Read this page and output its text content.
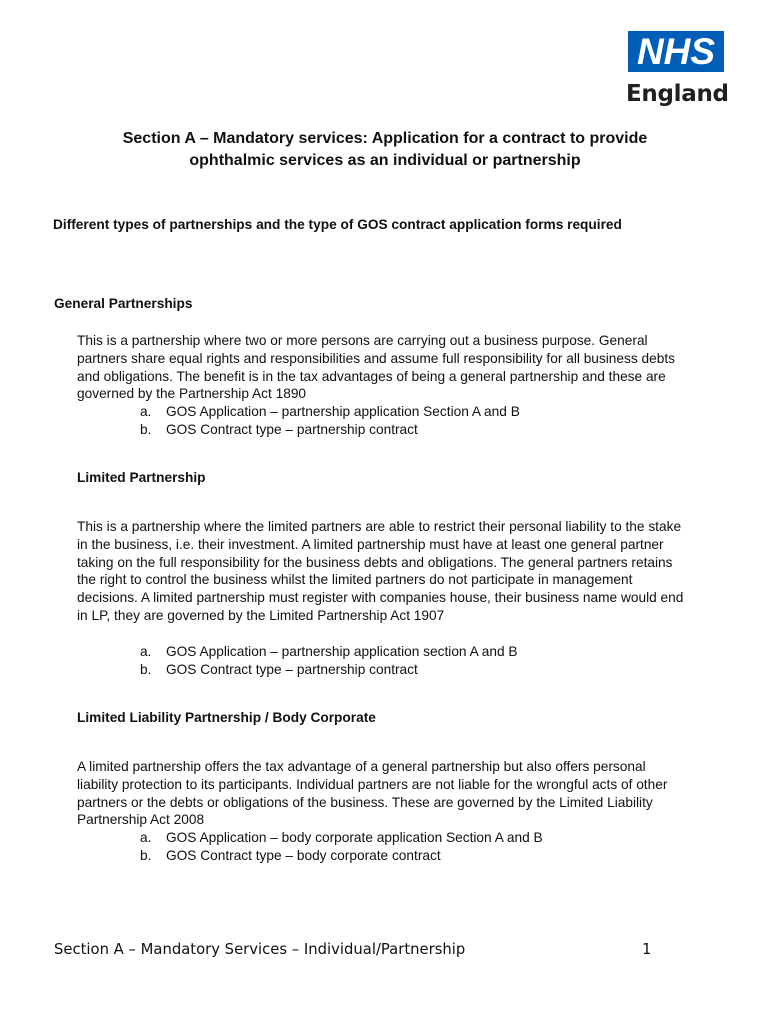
NHS
England
Section A – Mandatory services: Application for a contract to provide
ophthalmic services as an individual or partnership
Different types of partnerships and the type of GOS contract application forms required
General Partnerships
This is a partnership where two or more persons are carrying out a business purpose. General partners share equal rights and responsibilities and assume full responsibility for all business debts and obligations. The benefit is in the tax advantages of being a general partnership and these are governed by the Partnership Act 1890
a. GOS Application – partnership application Section A and B
b. GOS Contract type – partnership contract
Limited Partnership
This is a partnership where the limited partners are able to restrict their personal liability to the stake in the business, i.e. their investment. A limited partnership must have at least one general partner taking on the full responsibility for the business debts and obligations. The general partners retains the right to control the business whilst the limited partners do not participate in management decisions. A limited partnership must register with companies house, their business name would end in LP, they are governed by the Limited Partnership Act 1907
a. GOS Application – partnership application section A and B
b. GOS Contract type – partnership contract
Limited Liability Partnership / Body Corporate
A limited partnership offers the tax advantage of a general partnership but also offers personal liability protection to its participants. Individual partners are not liable for the wrongful acts of other partners or the debts or obligations of the business. These are governed by the Limited Liability Partnership Act 2008
a. GOS Application – body corporate application Section A and B
b. GOS Contract type – body corporate contract
Section A – Mandatory Services – Individual/Partnership	1
